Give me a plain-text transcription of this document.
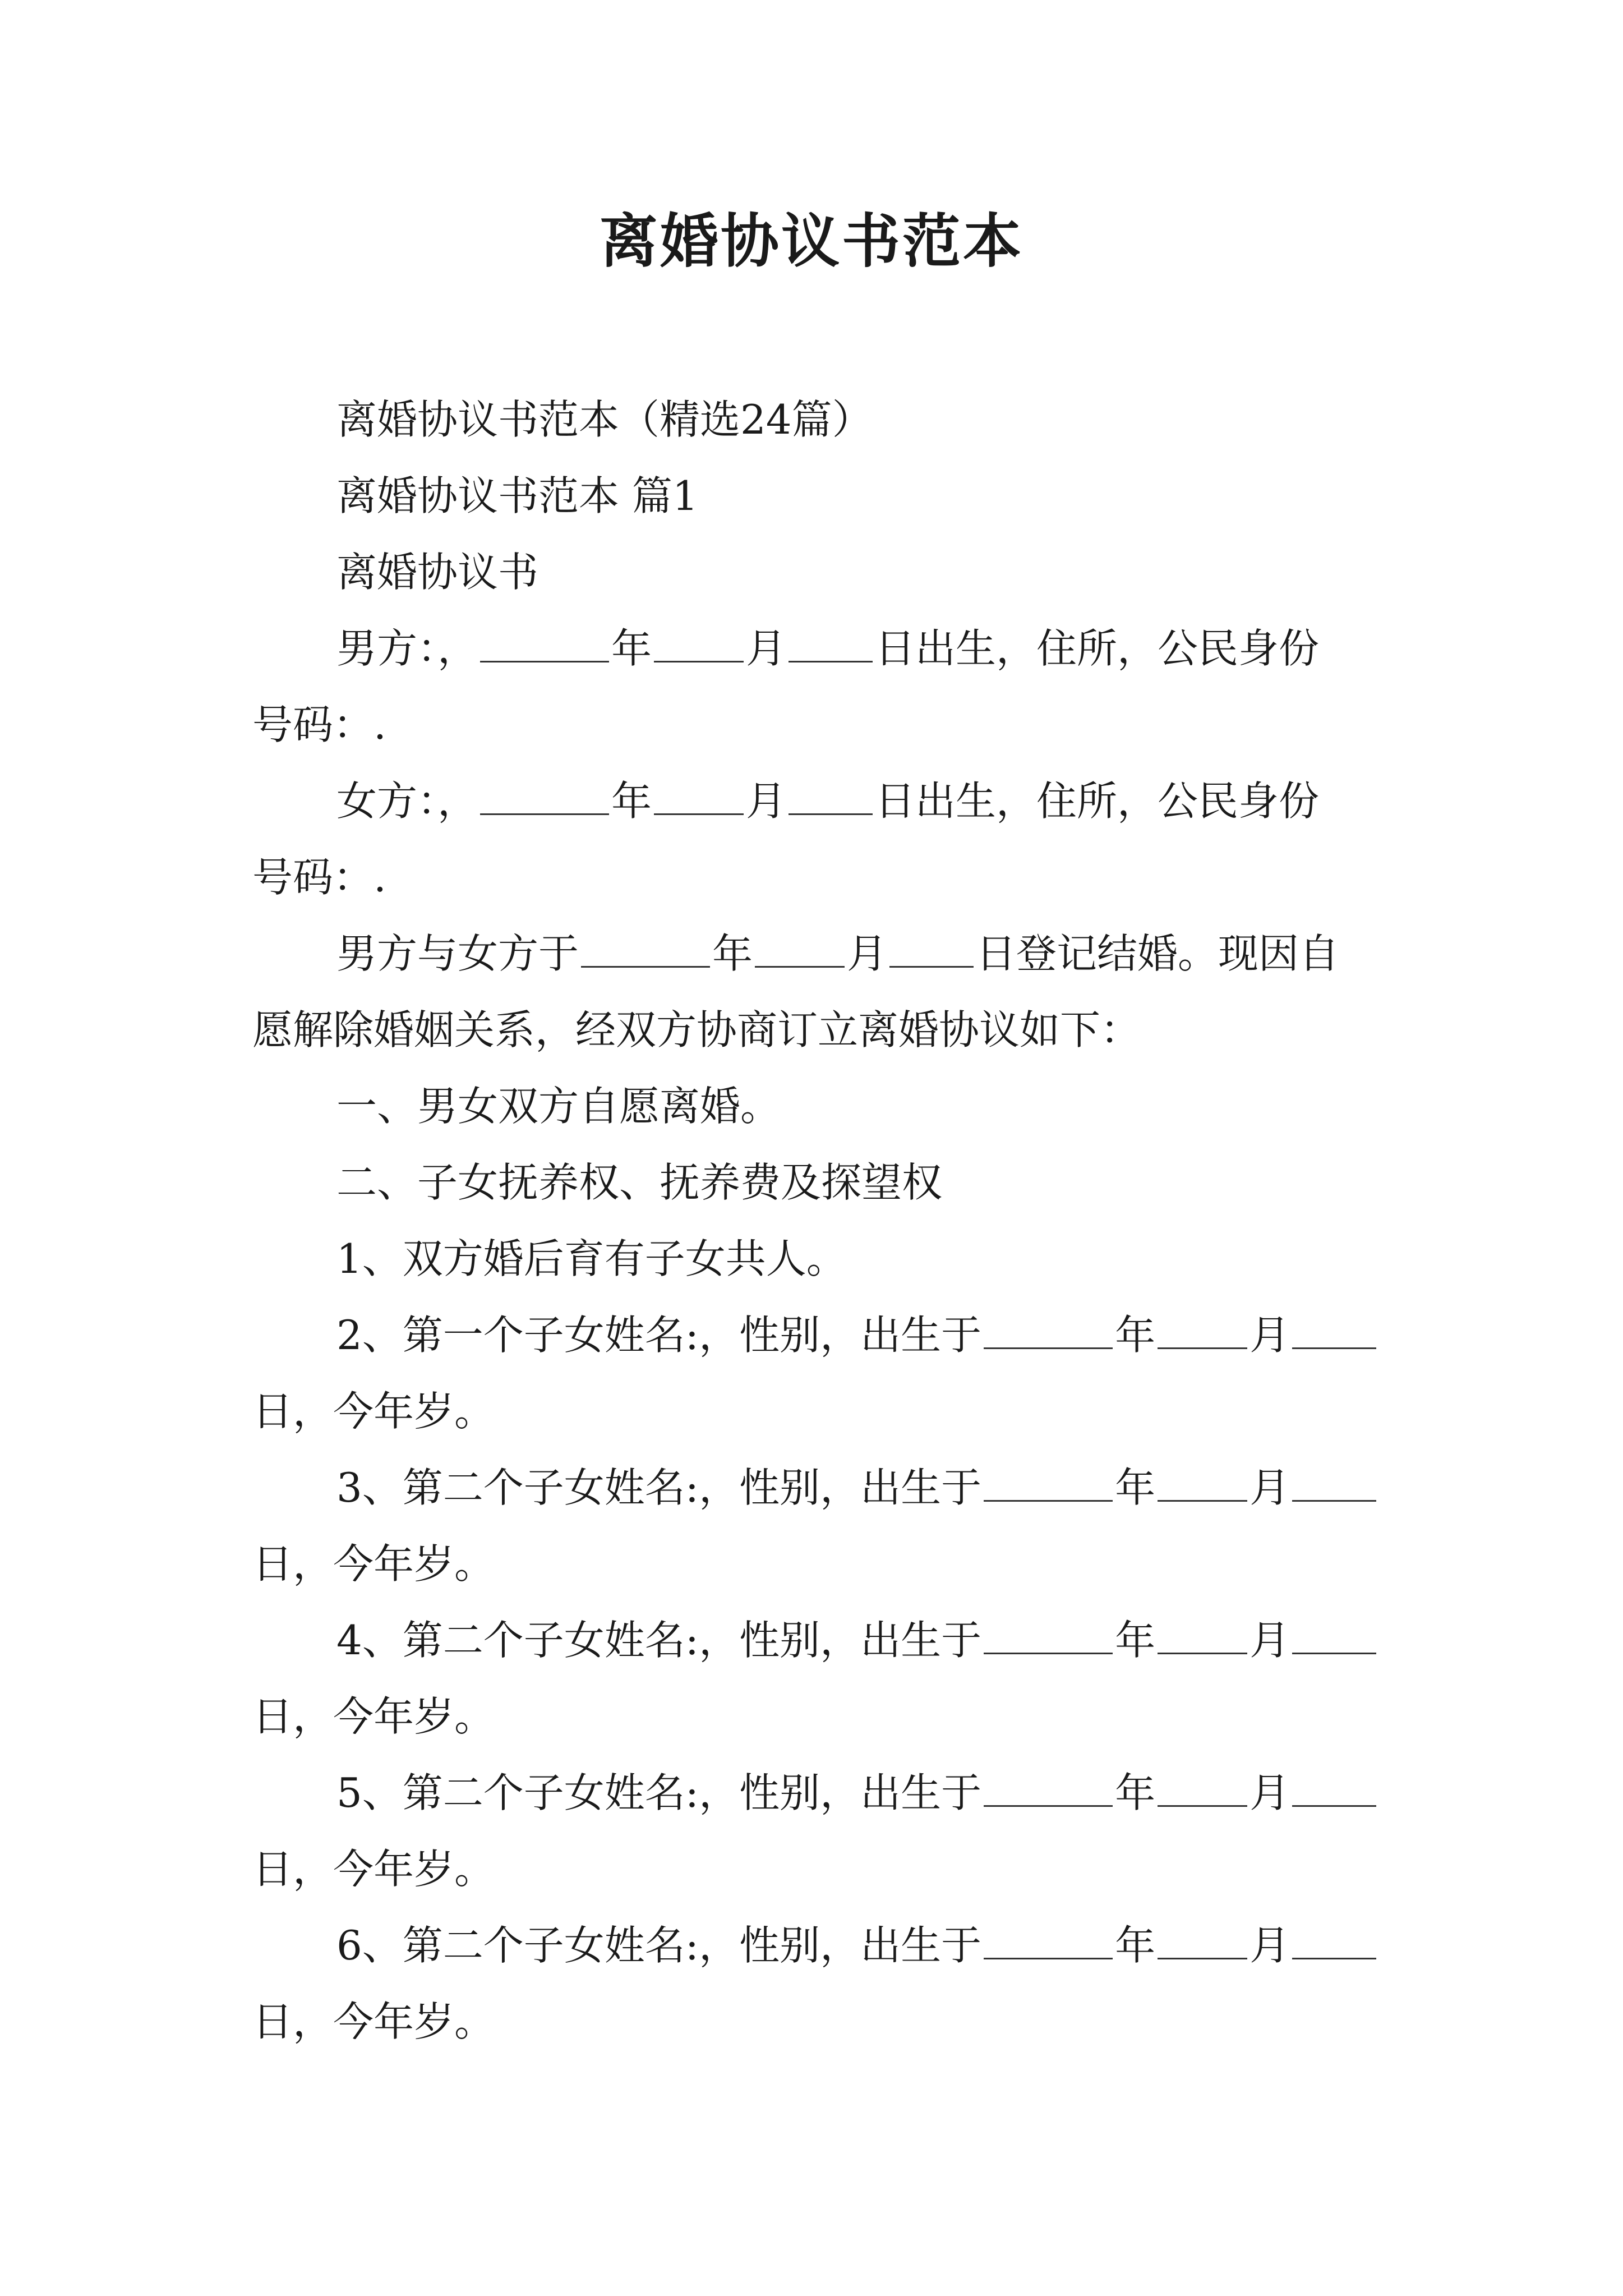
离婚协议书范本
离婚协议书范本（精选24篇）
离婚协议书范本 篇1
离婚协议书
男方：，	年 月 日出生，住所，公民身份
号码：.
女方：，	年 月 日出生，住所，公民身份
号码：.
男方与女方于	年 月 日登记结婚。现因自
愿解除婚姻关系，经双方协商订立离婚协议如下：
一、男女双方自愿离婚。
二、子女抚养权、抚养费及探望权
1、双方婚后育有子女共人。
2、第一个子女姓名:，性别，出生于	年 月
日，今年岁。
3、第二个子女姓名:，性别，出生于	年 月
日，今年岁。
4、第二个子女姓名:，性别，出生于	年 月
日，今年岁。
5、第二个子女姓名:，性别，出生于	年 月
日，今年岁。
6、第二个子女姓名:，性别，出生于	年 月
日，今年岁。
